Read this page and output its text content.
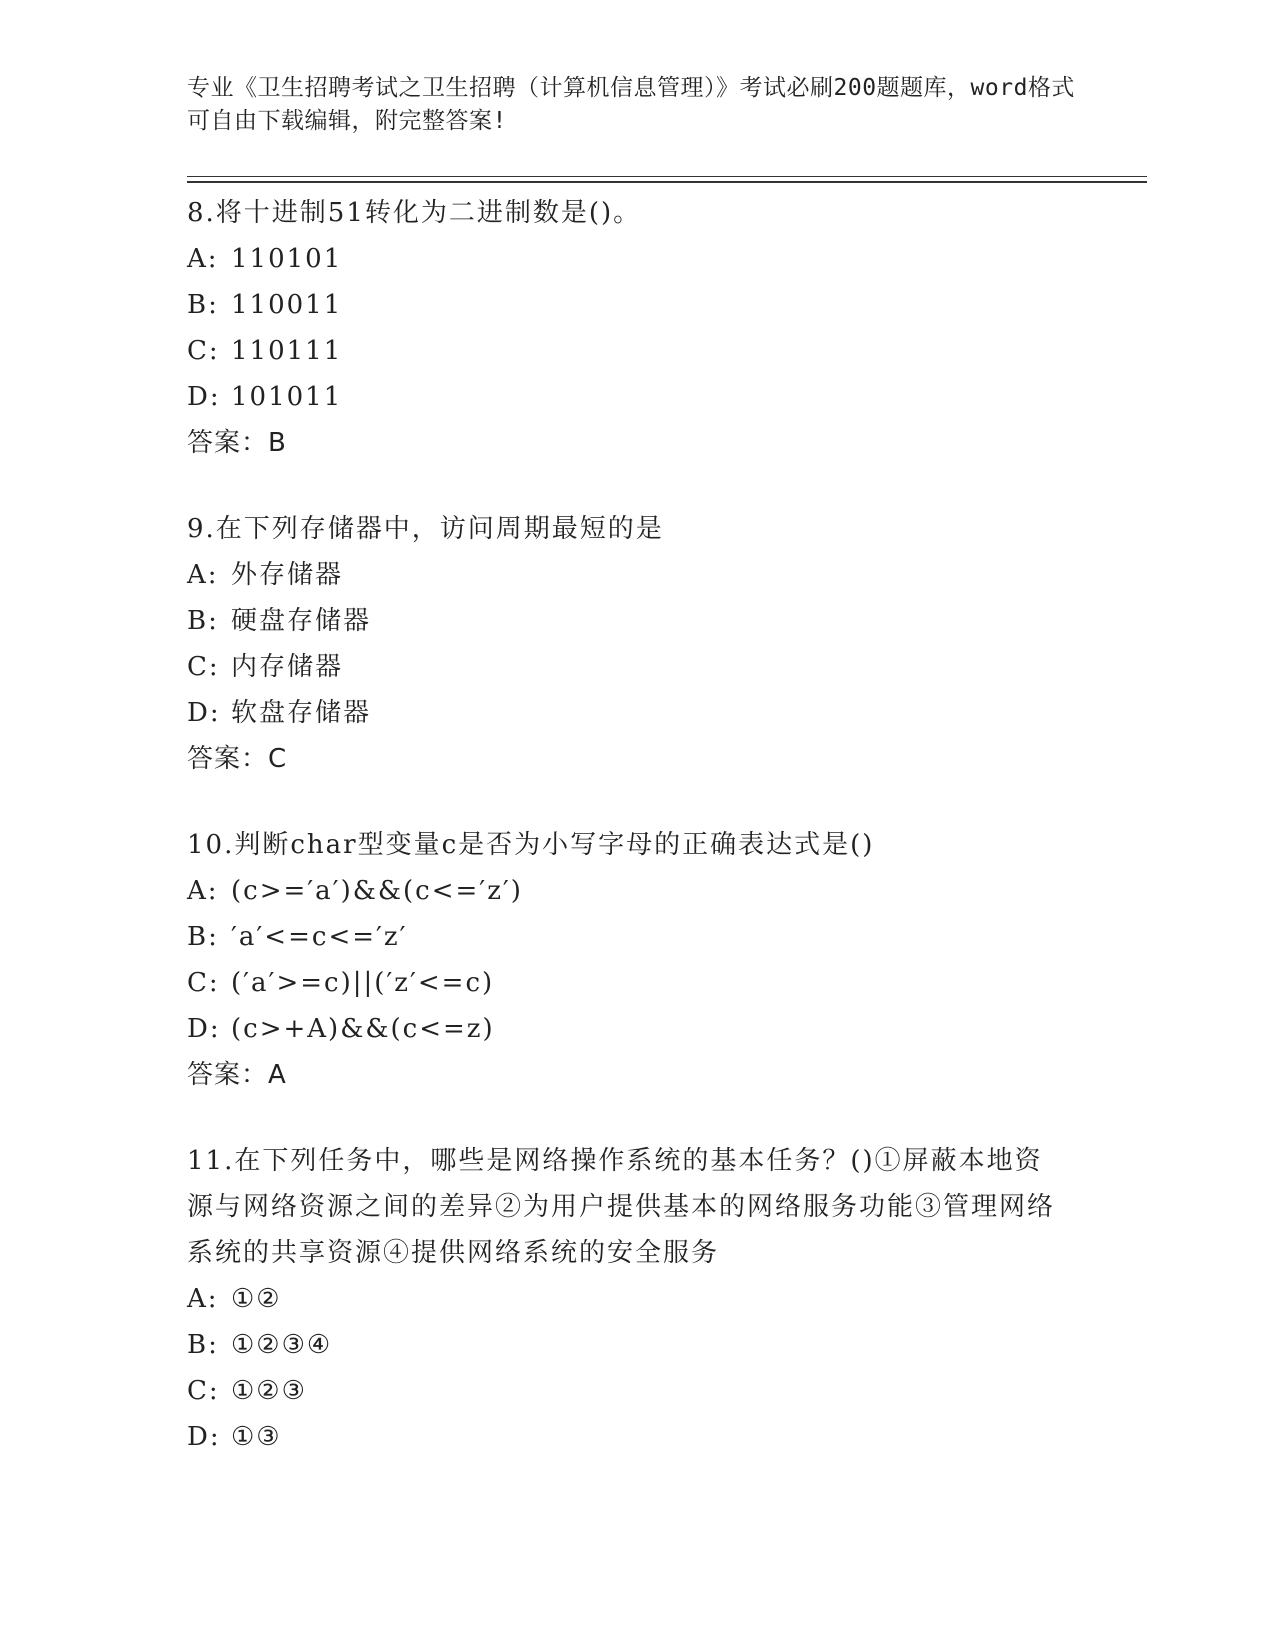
专业《卫生招聘考试之卫生招聘（计算机信息管理）》考试必刷200题题库，word格式可自由下载编辑，附完整答案!
8.将十进制51转化为二进制数是()。
A: 110101
B: 110011
C: 110111
D: 101011
答案：B
9.在下列存储器中，访问周期最短的是
A: 外存储器
B: 硬盘存储器
C: 内存储器
D: 软盘存储器
答案：C
10.判断char型变量c是否为小写字母的正确表达式是()
A: (c>=′a′)&&(c<=′z′)
B: ′a′<=c<=′z′
C: (′a′>=c)||(′z′<=c)
D: (c>+A)&&(c<=z)
答案：A
11.在下列任务中，哪些是网络操作系统的基本任务？()①屏蔽本地资源与网络资源之间的差异②为用户提供基本的网络服务功能③管理网络系统的共享资源④提供网络系统的安全服务
A: ①②
B: ①②③④
C: ①②③
D: ①③
